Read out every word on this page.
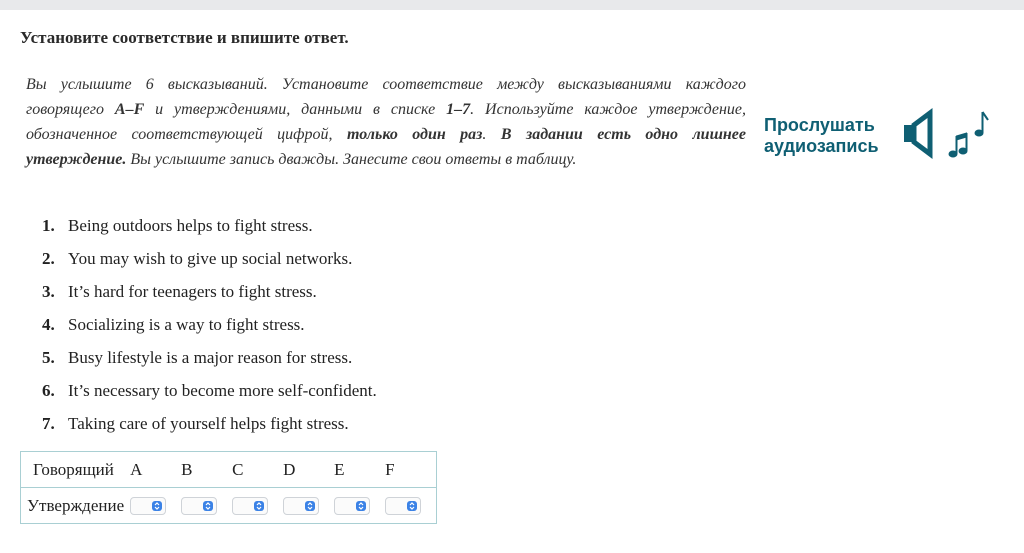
Установите соответствие и впишите ответ.
Вы услышите 6 высказываний. Установите соответствие между высказываниями каждого говорящего A–F и утверждениями, данными в списке 1–7. Используйте каждое утверждение, обозначенное соответствующей цифрой, только один раз. В задании есть одно лишнее утверждение. Вы услышите запись дважды. Занесите свои ответы в таблицу.
Прослушать аудиозапись
1. Being outdoors helps to fight stress.
2. You may wish to give up social networks.
3. It’s hard for teenagers to fight stress.
4. Socializing is a way to fight stress.
5. Busy lifestyle is a major reason for stress.
6. It’s necessary to become more self-confident.
7. Taking care of yourself helps fight stress.
Говорящий	A	B	C	D	E	F
Утверждение	
